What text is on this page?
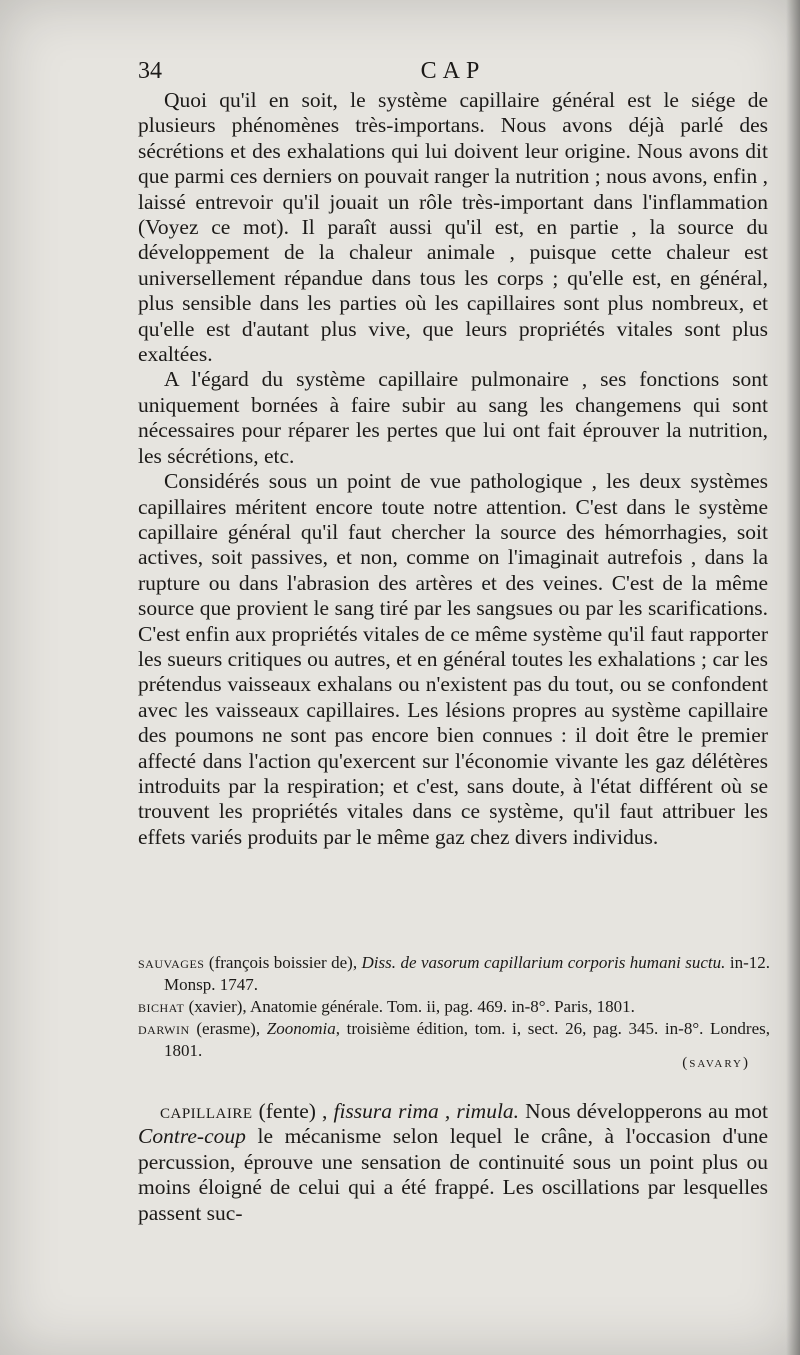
34	CAP

Quoi qu'il en soit, le système capillaire général est le siége de plusieurs phénomènes très-importans. Nous avons déjà parlé des sécrétions et des exhalations qui lui doivent leur origine. Nous avons dit que parmi ces derniers on pouvait ranger la nutrition ; nous avons, enfin , laissé entrevoir qu'il jouait un rôle très-important dans l'inflammation (Voyez ce mot). Il paraît aussi qu'il est, en partie , la source du développement de la chaleur animale , puisque cette chaleur est universellement répandue dans tous les corps ; qu'elle est, en général, plus sensible dans les parties où les capillaires sont plus nombreux, et qu'elle est d'autant plus vive, que leurs propriétés vitales sont plus exaltées.

A l'égard du système capillaire pulmonaire , ses fonctions sont uniquement bornées à faire subir au sang les changemens qui sont nécessaires pour réparer les pertes que lui ont fait éprouver la nutrition, les sécrétions, etc.

Considérés sous un point de vue pathologique , les deux systèmes capillaires méritent encore toute notre attention. C'est dans le système capillaire général qu'il faut chercher la source des hémorrhagies, soit actives, soit passives, et non, comme on l'imaginait autrefois , dans la rupture ou dans l'abrasion des artères et des veines. C'est de la même source que provient le sang tiré par les sangsues ou par les scarifications. C'est enfin aux propriétés vitales de ce même système qu'il faut rapporter les sueurs critiques ou autres, et en général toutes les exhalations ; car les prétendus vaisseaux exhalans ou n'existent pas du tout, ou se confondent avec les vaisseaux capillaires. Les lésions propres au système capillaire des poumons ne sont pas encore bien connues : il doit être le premier affecté dans l'action qu'exercent sur l'économie vivante les gaz délétères introduits par la respiration; et c'est, sans doute, à l'état différent où se trouvent les propriétés vitales dans ce système, qu'il faut attribuer les effets variés produits par le même gaz chez divers individus.

sauvages (françois boissier de), Diss. de vasorum capillarium corporis humani suctu. in-12. Monsp. 1747.

bichat (xavier), Anatomie générale. Tom. ii, pag. 469. in-8°. Paris, 1801.

darwin (erasme), Zoonomia, troisième édition, tom. i, sect. 26, pag. 345. in-8°. Londres, 1801.

(savary)

capillaire (fente) , fissura rima , rimula. Nous développerons au mot Contre-coup le mécanisme selon lequel le crâne, à l'occasion d'une percussion, éprouve une sensation de continuité sous un point plus ou moins éloigné de celui qui a été frappé. Les oscillations par lesquelles passent suc-
